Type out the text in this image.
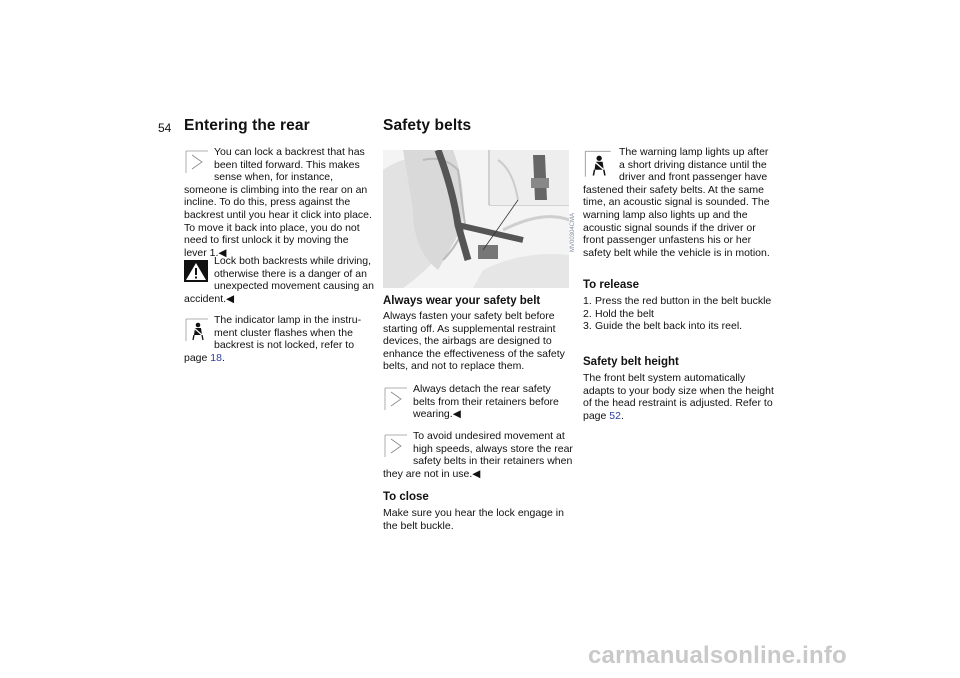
54 Entering the rear

You can lock a backrest that has been tilted forward. This makes sense when, for instance, someone is climbing into the rear on an incline. To do this, press against the backrest until you hear it click into place. To move it back into place, you do not need to first unlock it by moving the lever 1.◀

Lock both backrests while driving, otherwise there is a danger of an unexpected movement causing an accident.◀

The indicator lamp in the instru-ment cluster flashes when the backrest is not locked, refer to page 18.

Safety belts
MV00304CMA
Always wear your safety belt
Always fasten your safety belt before starting off. As supplemental restraint devices, the airbags are designed to enhance the effectiveness of the safety belts, and not to replace them.

Always detach the rear safety belts from their retainers before wearing.◀

To avoid undesired movement at high speeds, always store the rear safety belts in their retainers when they are not in use.◀

To close
Make sure you hear the lock engage in the belt buckle.

The warning lamp lights up after a short driving distance until the driver and front passenger have fastened their safety belts. At the same time, an acoustic signal is sounded. The warning lamp also lights up and the acoustic signal sounds if the driver or front passenger unfastens his or her safety belt while the vehicle is in motion.

To release
1. Press the red button in the belt buckle
2. Hold the belt
3. Guide the belt back into its reel.
Safety belt height
The front belt system automatically adapts to your body size when the height of the head restraint is adjusted. Refer to page 52.
carmanualsonline.info
